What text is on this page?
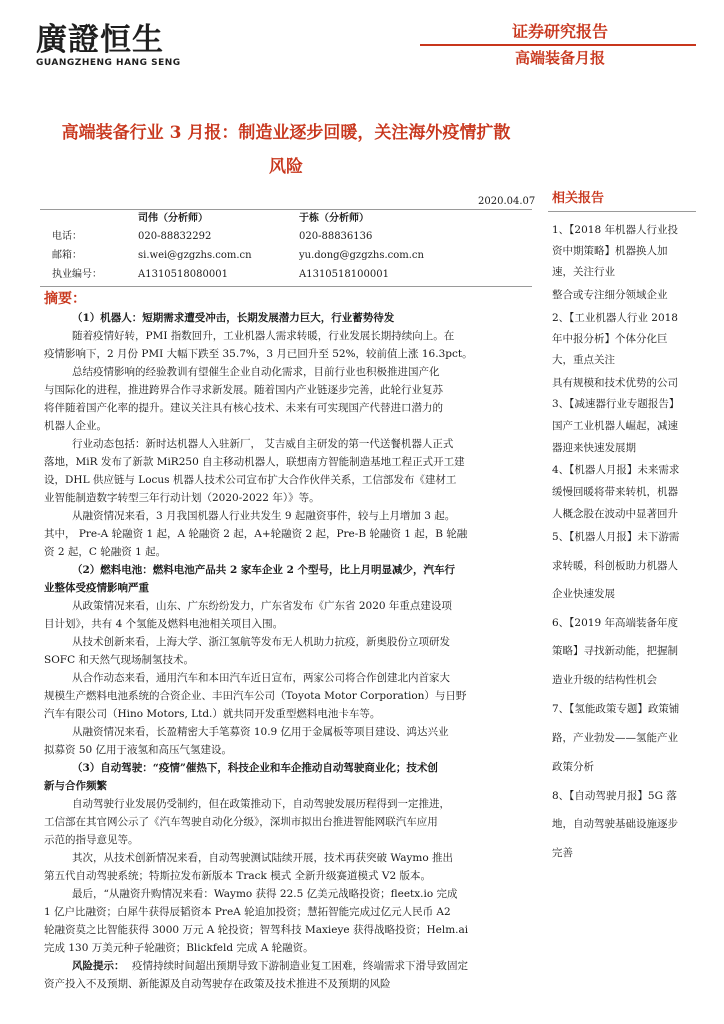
廣證恒生
GUANGZHENG HANG SENG
证券研究报告
高端装备月报
高端装备行业 3 月报：制造业逐步回暖，关注海外疫情扩散
风险
2020.04.07
司伟（分析师）	于栋（分析师）
电话：	020-88832292	020-88836136
邮箱：	si.wei@gzgzhs.com.cn	yu.dong@gzgzhs.com.cn
执业编号：	A1310518080001	A1310518100001
摘要：
（1）机器人：短期需求遭受冲击，长期发展潜力巨大，行业蓄势待发
随着疫情好转，PMI 指数回升，工业机器人需求转暖，行业发展长期持续向上。在
疫情影响下，2 月份 PMI 大幅下跌至 35.7%，3 月已回升至 52%，较前值上涨 16.3pct。
总结疫情影响的经验教训有望催生企业自动化需求，目前行业也积极推进国产化
与国际化的进程，推进跨界合作寻求新发展。随着国内产业链逐步完善，此轮行业复苏
将伴随着国产化率的提升。建议关注具有核心技术、未来有可实现国产代替进口潜力的
机器人企业。
行业动态包括：新时达机器人入驻新厂， 艾吉威自主研发的第一代送餐机器人正式
落地，MiR 发布了新款 MiR250 自主移动机器人，联想南方智能制造基地工程正式开工建
设，DHL 供应链与 Locus 机器人技术公司宣布扩大合作伙伴关系，工信部发布《建材工
业智能制造数字转型三年行动计划（2020-2022 年）》等。
从融资情况来看，3 月我国机器人行业共发生 9 起融资事件，较与上月增加 3 起。
其中， Pre-A 轮融资 1 起，A 轮融资 2 起，A+轮融资 2 起，Pre-B 轮融资 1 起，B 轮融
资 2 起，C 轮融资 1 起。
（2）燃料电池：燃料电池产品共 2 家车企业 2 个型号，比上月明显减少，汽车行
业整体受疫情影响严重
从政策情况来看，山东、广东纷纷发力，广东省发布《广东省 2020 年重点建设项
目计划》，共有 4 个氢能及燃料电池相关项目入围。
从技术创新来看，上海大学、浙江氢航等发布无人机助力抗疫，新奥股份立项研发
SOFC 和天然气现场制氢技术。
从合作动态来看，通用汽车和本田汽车近日宣布，两家公司将合作创建北内首家大
规模生产燃料电池系统的合资企业、丰田汽车公司（Toyota Motor Corporation）与日野
汽车有限公司（Hino Motors, Ltd.）就共同开发重型燃料电池卡车等。
从融资情况来看，长盈精密大手笔募资 10.9 亿用于金属板等项目建设、鸿达兴业
拟募资 50 亿用于液氢和高压气氢建设。
（3）自动驾驶：“疫情”催热下，科技企业和车企推动自动驾驶商业化；技术创
新与合作频繁
自动驾驶行业发展仍受制约，但在政策推动下，自动驾驶发展历程得到一定推进，
工信部在其官网公示了《汽车驾驶自动化分级》，深圳市拟出台推进智能网联汽车应用
示范的指导意见等。
其次，从技术创新情况来看，自动驾驶测试陆续开展，技术再获突破 Waymo 推出
第五代自动驾驶系统；特斯拉发布新版本 Track 模式 全新升级赛道模式 V2 版本。
最后，“从融资升购情况来看：Waymo 获得 22.5 亿美元战略投资；fleetx.io 完成
1 亿户比融资；白犀牛获得辰韬资本 PreA 轮追加投资；慧拓智能完成过亿元人民币 A2
轮融资莫之比智能获得 3000 万元 A 轮投资；智驾科技 Maxieye 获得战略投资；Helm.ai
完成 130 万美元种子轮融资；Blickfeld 完成 A 轮融资。
风险提示： 疫情持续时间超出预期导致下游制造业复工困难，终端需求下滑导致固定
资产投入不及预期、新能源及自动驾驶存在政策及技术推进不及预期的风险
相关报告
1、【2018 年机器人行业投
资中期策略】机器换人加
速，关注行业
整合或专注细分领域企业
2、【工业机器人行业 2018
年中报分析】个体分化巨
大，重点关注
具有规模和技术优势的公司
3、【减速器行业专题报告】
国产工业机器人崛起，减速
器迎来快速发展期
4、【机器人月报】未来需求
缓慢回暖将带来转机，机器
人概念股在波动中显著回升
5、【机器人月报】未下游需
求转暖，科创板助力机器人
企业快速发展
6、【2019 年高端装备年度
策略】寻找新动能，把握制
造业升级的结构性机会
7、【氢能政策专题】政策铺
路，产业勃发——氢能产业
政策分析
8、【自动驾驶月报】5G 落
地，自动驾驶基础设施逐步
完善
